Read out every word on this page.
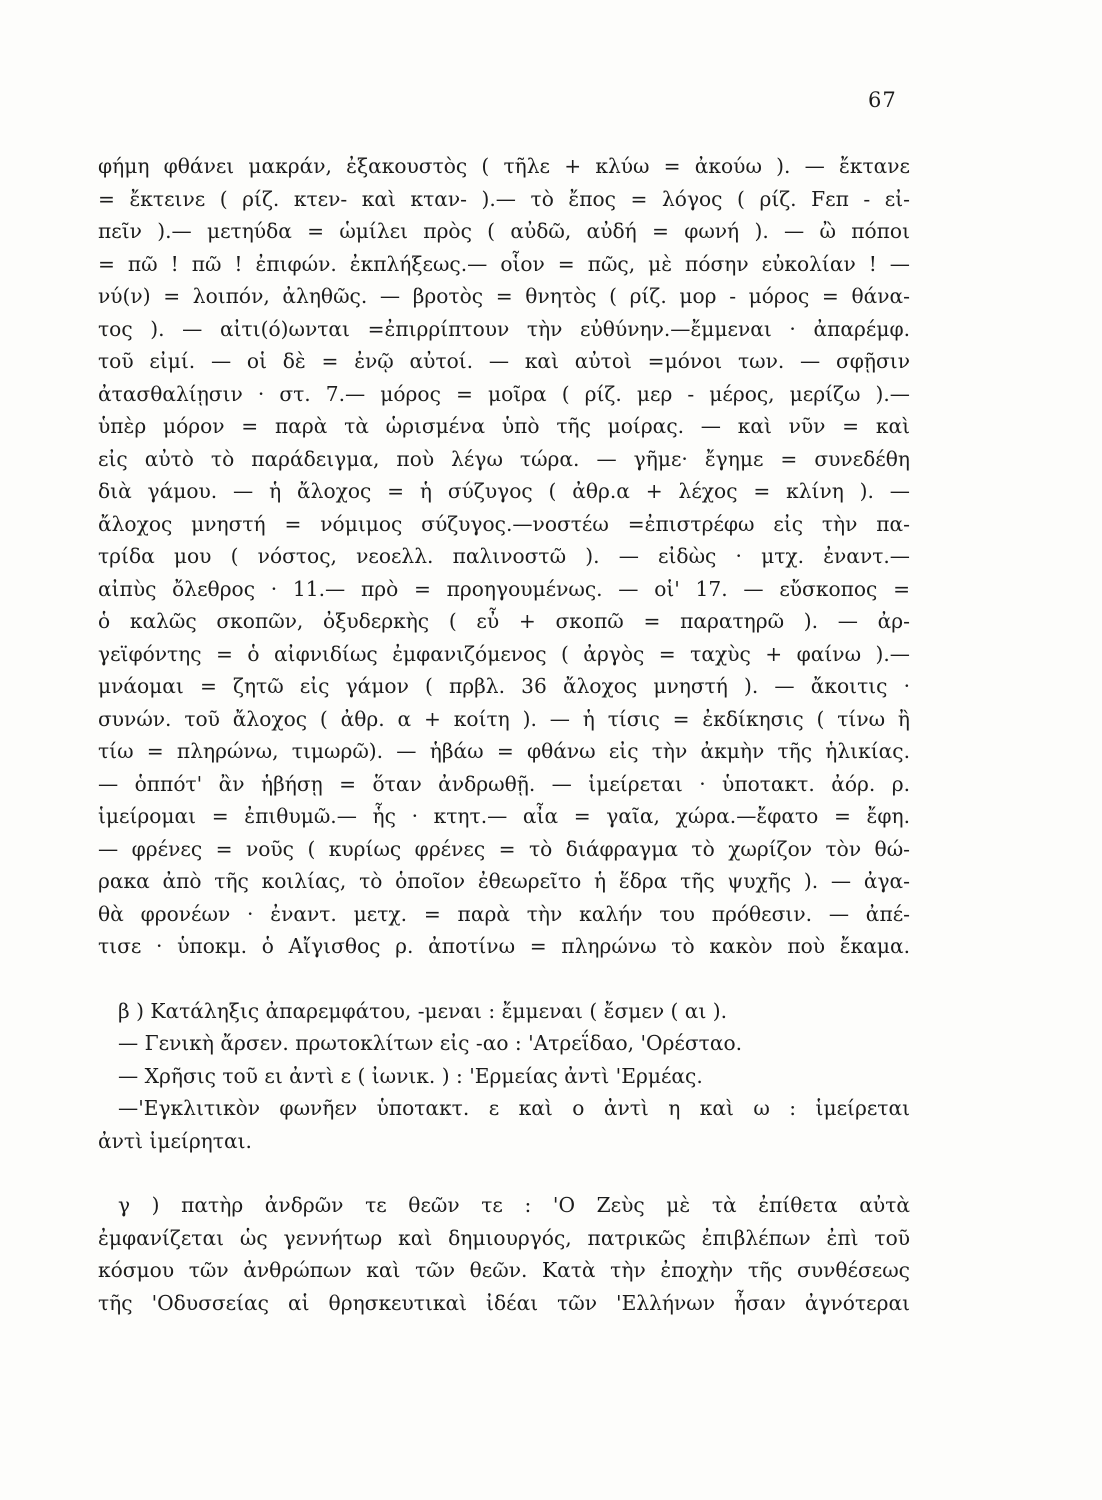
67
φήμη φθάνει μακράν, ἐξακουστὸς ( τῆλε + κλύω = ἀκούω ). — ἔκτανε
= ἔκτεινε ( ρίζ. κτεν- καὶ κταν- ).— τὸ ἔπος = λόγος ( ρίζ. Fεπ - εἰ-
πεῖν ).— μετηύδα = ὡμίλει πρὸς ( αὐδῶ, αὐδή = φωνή ). — ὢ πόποι
= πῶ ! πῶ ! ἐπιφών. ἐκπλήξεως.— οἷον = πῶς, μὲ πόσην εὐκολίαν ! —
νύ(ν) = λοιπόν, ἀληθῶς. — βροτὸς = θνητὸς ( ρίζ. μορ - μόρος = θάνα-
τος ). — αἰτι(ό)ωνται =ἐπιρρίπτουν τὴν εὐθύνην.—ἔμμεναι · ἀπαρέμφ.
τοῦ εἰμί. — οἱ δὲ = ἐνῷ αὐτοί. — καὶ αὐτοὶ =μόνοι των. — σφῇσιν
ἀτασθαλίῃσιν · στ. 7.— μόρος = μοῖρα ( ρίζ. μερ - μέρος, μερίζω ).—
ὑπὲρ μόρον = παρὰ τὰ ὡρισμένα ὑπὸ τῆς μοίρας. — καὶ νῦν = καὶ
εἰς αὐτὸ τὸ παράδειγμα, ποὺ λέγω τώρα. — γῆμε· ἔγημε = συνεδέθη
διὰ γάμου. — ἡ ἄλοχος = ἡ σύζυγος ( ἀθρ.α + λέχος = κλίνη ). —
ἄλοχος μνηστή = νόμιμος σύζυγος.—νοστέω =ἐπιστρέφω εἰς τὴν πα-
τρίδα μου ( νόστος, νεοελλ. παλινοστῶ ). — εἰδὼς · μτχ. ἐναντ.—
αἰπὺς ὄλεθρος · 11.— πρὸ = προηγουμένως. — οἱ' 17. — εὔσκοπος =
ὁ καλῶς σκοπῶν, ὀξυδερκὴς ( εὖ + σκοπῶ = παρατηρῶ ). — ἀρ-
γεϊφόντης = ὁ αἰφνιδίως ἐμφανιζόμενος ( ἀργὸς = ταχὺς + φαίνω ).—
μνάομαι = ζητῶ εἰς γάμον ( πρβλ. 36 ἄλοχος μνηστή ). — ἄκοιτις ·
συνών. τοῦ ἄλοχος ( ἀθρ. α + κοίτη ). — ἡ τίσις = ἐκδίκησις ( τίνω ἢ
τίω = πληρώνω, τιμωρῶ). — ἡβάω = φθάνω εἰς τὴν ἀκμὴν τῆς ἡλικίας.
— ὁππότ' ἂν ἡβήσῃ = ὅταν ἀνδρωθῇ. — ἱμείρεται · ὑποτακτ. ἀόρ. ρ.
ἱμείρομαι = ἐπιθυμῶ.— ἧς · κτητ.— αἶα = γαῖα, χώρα.—ἔφατο = ἔφη.
— φρένες = νοῦς ( κυρίως φρένες = τὸ διάφραγμα τὸ χωρίζον τὸν θώ-
ρακα ἀπὸ τῆς κοιλίας, τὸ ὁποῖον ἐθεωρεῖτο ἡ ἕδρα τῆς ψυχῆς ). — ἀγα-
θὰ φρονέων · ἐναντ. μετχ. = παρὰ τὴν καλήν του πρόθεσιν. — ἀπέ-
τισε · ὑποκμ. ὁ Αἴγισθος ρ. ἀποτίνω = πληρώνω τὸ κακὸν ποὺ ἔκαμα.
β ) Κατάληξις ἀπαρεμφάτου, -μεναι : ἔμμεναι ( ἔσμεν ( αι ).
— Γενικὴ ἄρσεν. πρωτοκλίτων εἰς -αο : 'Ατρεΐδαο, 'Ορέσταο.
— Χρῆσις τοῦ ει ἀντὶ ε ( ἰωνικ. ) : 'Ερμείας ἀντὶ 'Ερμέας.
—'Εγκλιτικὸν φωνῆεν ὑποτακτ. ε καὶ ο ἀντὶ η καὶ ω : ἱμείρεται
ἀντὶ ἱμείρηται.
γ ) πατὴρ ἀνδρῶν τε θεῶν τε : 'Ο Ζεὺς μὲ τὰ ἐπίθετα αὐτὰ
ἐμφανίζεται ὡς γεννήτωρ καὶ δημιουργός, πατρικῶς ἐπιβλέπων ἐπὶ τοῦ
κόσμου τῶν ἀνθρώπων καὶ τῶν θεῶν. Κατὰ τὴν ἐποχὴν τῆς συνθέσεως
τῆς 'Οδυσσείας αἱ θρησκευτικαὶ ἰδέαι τῶν 'Ελλήνων ἦσαν ἀγνότεραι
